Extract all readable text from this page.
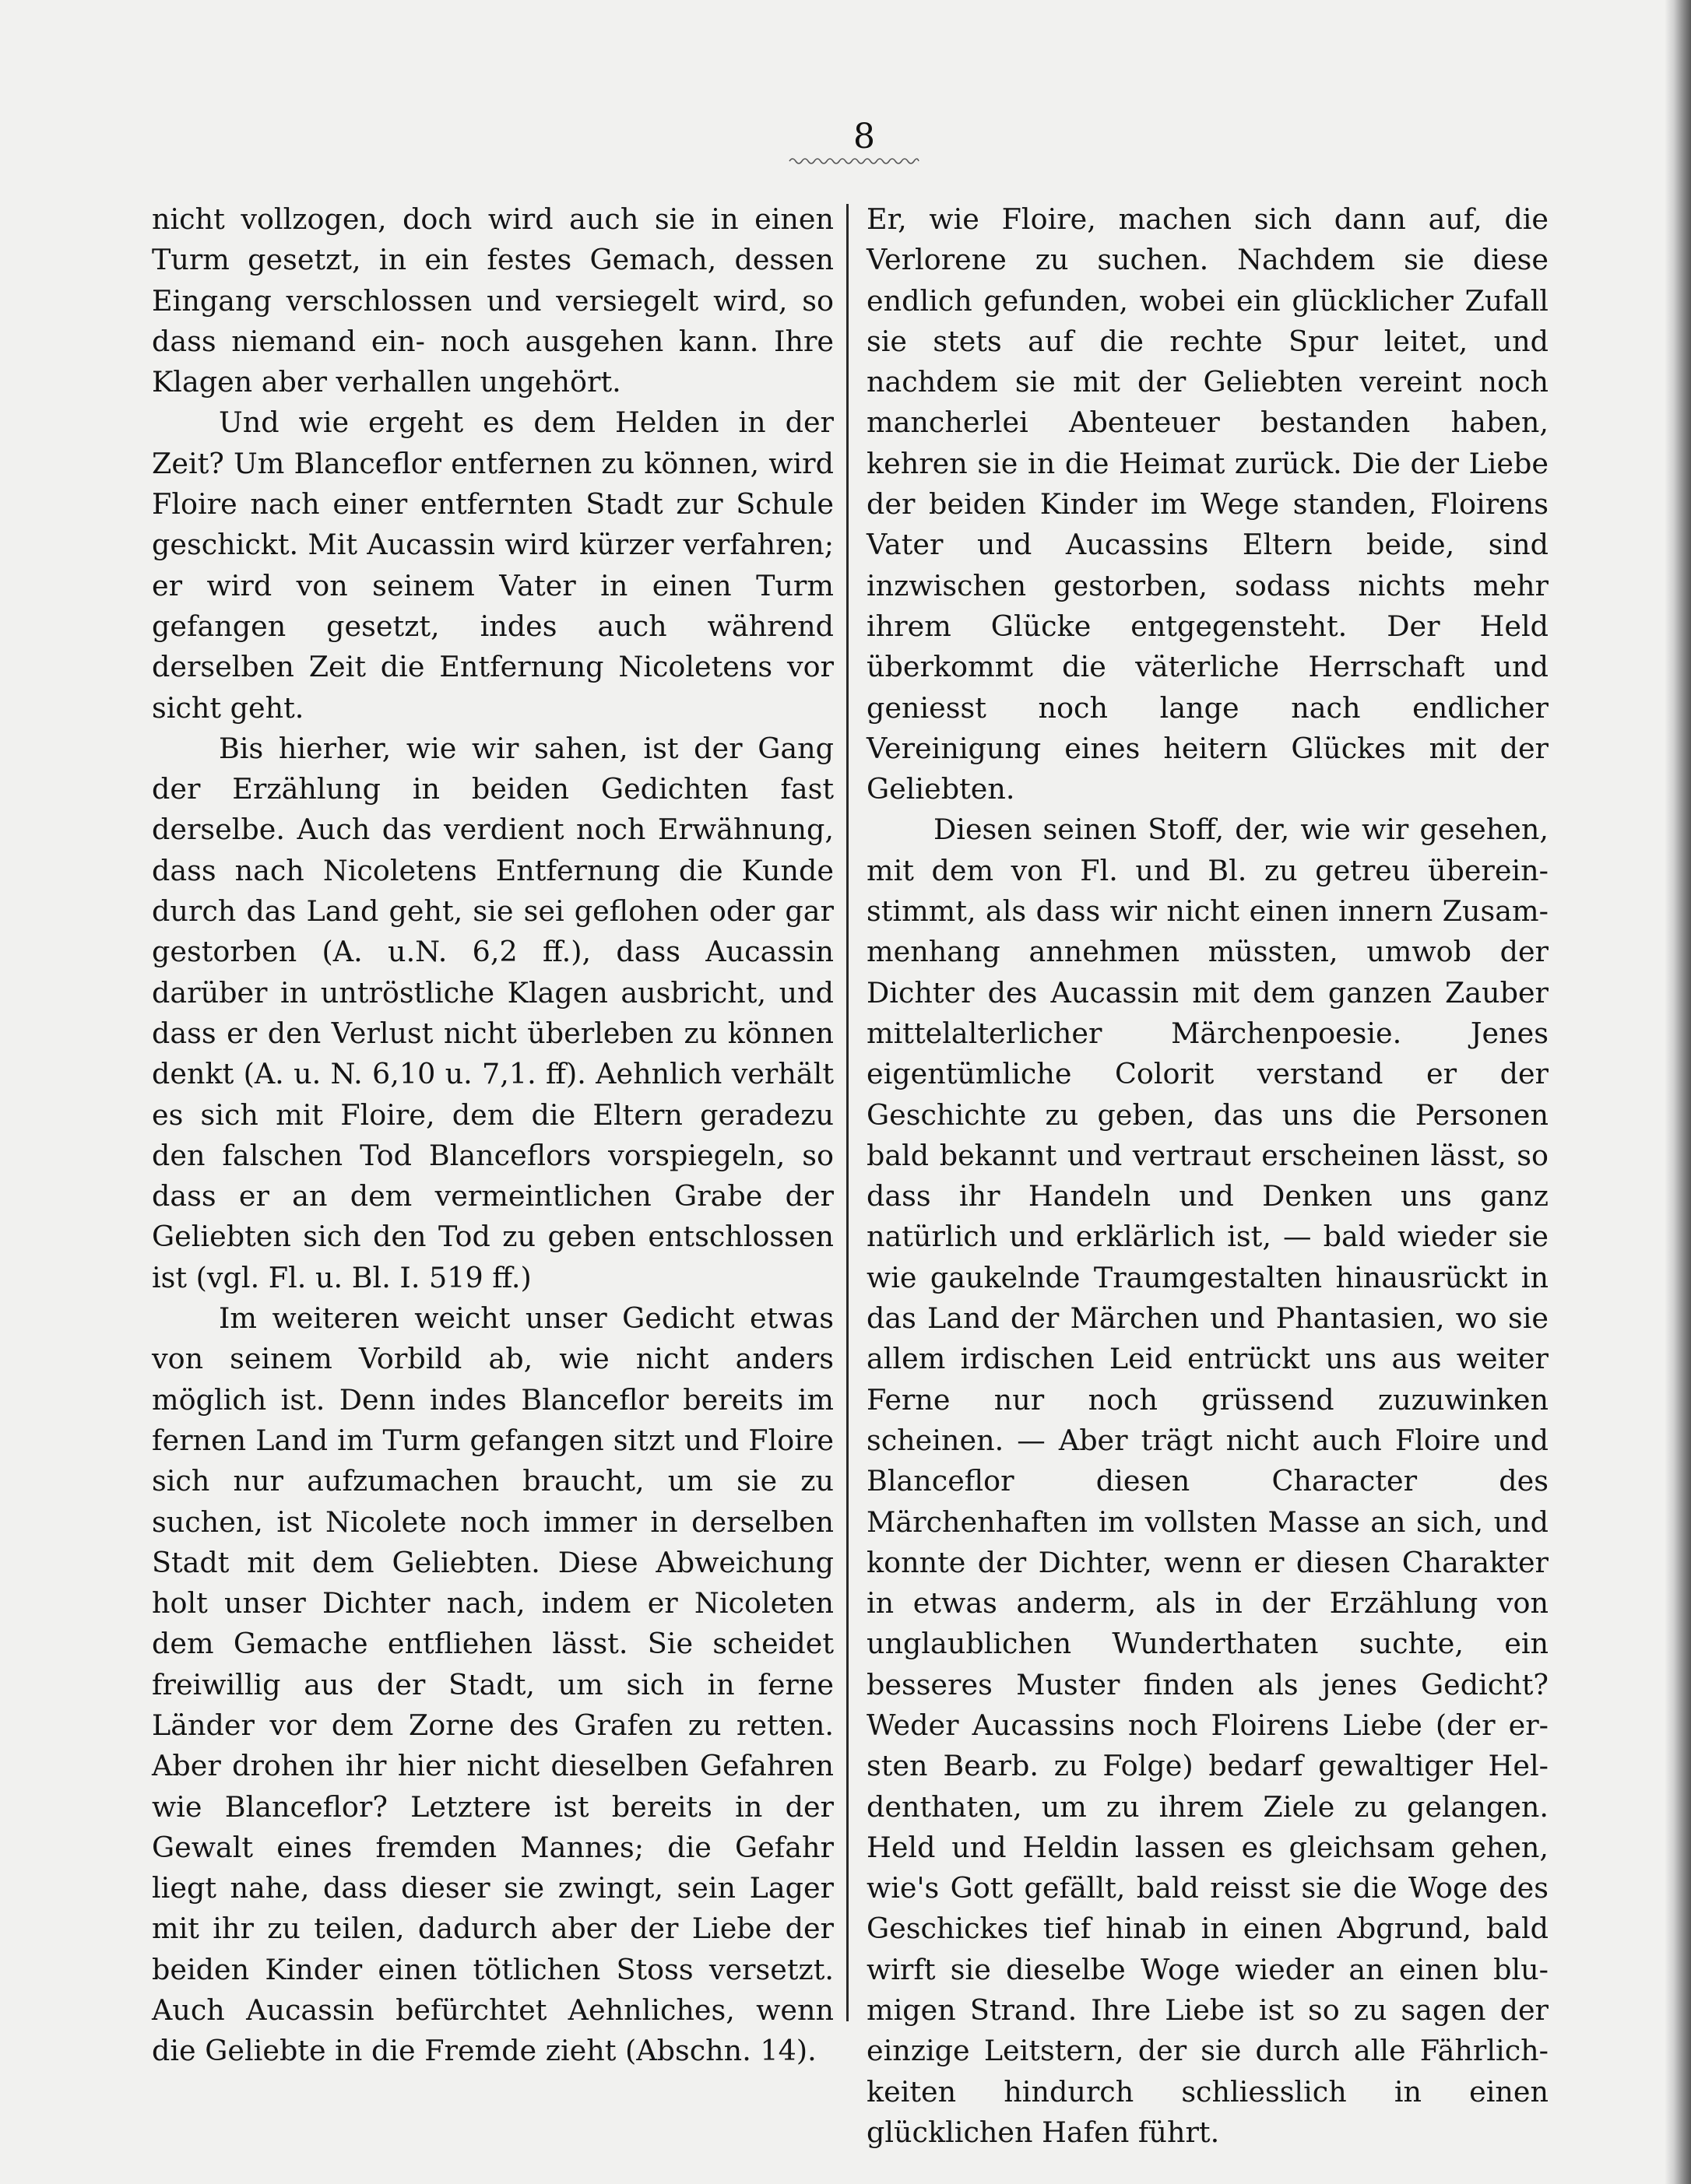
8

nicht vollzogen, doch wird auch sie in einen Turm gesetzt, in ein festes Gemach, dessen Eingang verschlossen und versiegelt wird, so dass niemand ein- noch ausgehen kann. Ihre Klagen aber verhallen ungehört.

Und wie ergeht es dem Helden in der Zeit? Um Blanceflor entfernen zu können, wird Floire nach einer entfernten Stadt zur Schule geschickt. Mit Aucassin wird kürzer verfahren; er wird von seinem Vater in einen Turm gefangen gesetzt, indes auch während derselben Zeit die Entfernung Nicoletens vor sicht geht.

Bis hierher, wie wir sahen, ist der Gang der Erzählung in beiden Gedichten fast derselbe. Auch das verdient noch Erwähnung, dass nach Nicoletens Entfernung die Kunde durch das Land geht, sie sei geflohen oder gar gestorben (A. u.N. 6,2 ff.), dass Aucassin darüber in untröstliche Klagen ausbricht, und dass er den Verlust nicht überleben zu können denkt (A. u. N. 6,10 u. 7,1. ff). Aehnlich verhält es sich mit Floire, dem die Eltern geradezu den falschen Tod Blanceflors vorspiegeln, so dass er an dem vermeintlichen Grabe der Geliebten sich den Tod zu geben entschlossen ist (vgl. Fl. u. Bl. I. 519 ff.)

Im weiteren weicht unser Gedicht etwas von seinem Vorbild ab, wie nicht anders möglich ist. Denn indes Blanceflor bereits im fernen Land im Turm gefangen sitzt und Floire sich nur aufzumachen braucht, um sie zu suchen, ist Nicolete noch immer in derselben Stadt mit dem Geliebten. Diese Abweichung holt unser Dichter nach, indem er Nicoleten dem Gemache entfliehen lässt. Sie scheidet freiwillig aus der Stadt, um sich in ferne Länder vor dem Zorne des Grafen zu retten. Aber drohen ihr hier nicht dieselben Gefahren wie Blanceflor? Letztere ist bereits in der Gewalt eines fremden Mannes; die Gefahr liegt nahe, dass dieser sie zwingt, sein Lager mit ihr zu teilen, dadurch aber der Liebe der beiden Kinder einen tötlichen Stoss versetzt. Auch Aucassin befürchtet Aehnliches, wenn die Geliebte in die Fremde zieht (Abschn. 14).

Er, wie Floire, machen sich dann auf, die Verlorene zu suchen. Nachdem sie diese endlich gefunden, wobei ein glücklicher Zufall sie stets auf die rechte Spur leitet, und nachdem sie mit der Geliebten vereint noch mancherlei Abenteuer bestanden haben, kehren sie in die Heimat zurück. Die der Liebe der beiden Kinder im Wege standen, Floirens Vater und Aucassins Eltern beide, sind inzwischen gestorben, sodass nichts mehr ihrem Glücke entgegensteht. Der Held überkommt die väterliche Herrschaft und geniesst noch lange nach endlicher Vereinigung eines heitern Glückes mit der Geliebten.

Diesen seinen Stoff, der, wie wir gesehen, mit dem von Fl. und Bl. zu getreu übereinstimmt, als dass wir nicht einen innern Zusammenhang annehmen müssten, umwob der Dichter des Aucassin mit dem ganzen Zauber mittelalterlicher Märchenpoesie. Jenes eigentümliche Colorit verstand er der Geschichte zu geben, das uns die Personen bald bekannt und vertraut erscheinen lässt, so dass ihr Handeln und Denken uns ganz natürlich und erklärlich ist, — bald wieder sie wie gaukelnde Traumgestalten hinausrückt in das Land der Märchen und Phantasien, wo sie allem irdischen Leid entrückt uns aus weiter Ferne nur noch grüssend zuzuwinken scheinen. — Aber trägt nicht auch Floire und Blanceflor diesen Character des Märchenhaften im vollsten Masse an sich, und konnte der Dichter, wenn er diesen Charakter in etwas anderm, als in der Erzählung von unglaublichen Wunderthaten suchte, ein besseres Muster finden als jenes Gedicht? Weder Aucassins noch Floirens Liebe (der ersten Bearb. zu Folge) bedarf gewaltiger Heldenthaten, um zu ihrem Ziele zu gelangen. Held und Heldin lassen es gleichsam gehen, wie's Gott gefällt, bald reisst sie die Woge des Geschickes tief hinab in einen Abgrund, bald wirft sie dieselbe Woge wieder an einen blumigen Strand. Ihre Liebe ist so zu sagen der einzige Leitstern, der sie durch alle Fährlichkeiten hindurch schliesslich in einen glücklichen Hafen führt.
